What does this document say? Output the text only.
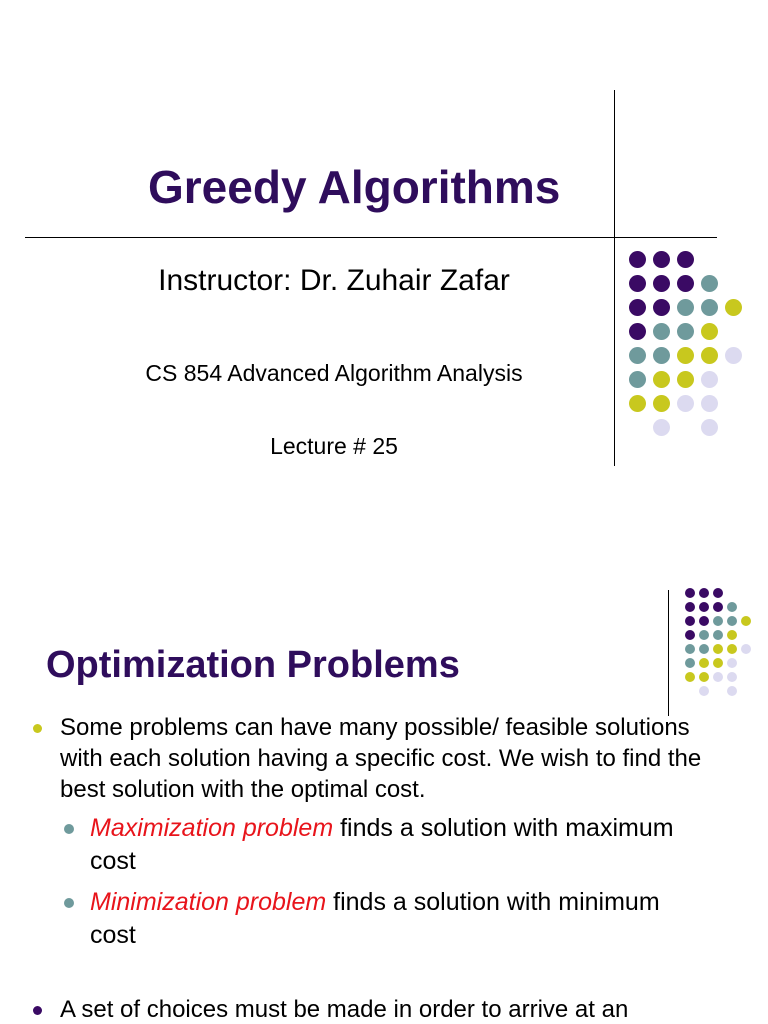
Greedy Algorithms
Instructor: Dr. Zuhair Zafar
CS 854 Advanced Algorithm Analysis
Lecture # 25
Optimization Problems
Some problems can have many possible/ feasible solutions with each solution having a specific cost. We wish to find the best solution with the optimal cost.
Maximization problem finds a solution with maximum cost
Minimization problem finds a solution with minimum cost
A set of choices must be made in order to arrive at an
